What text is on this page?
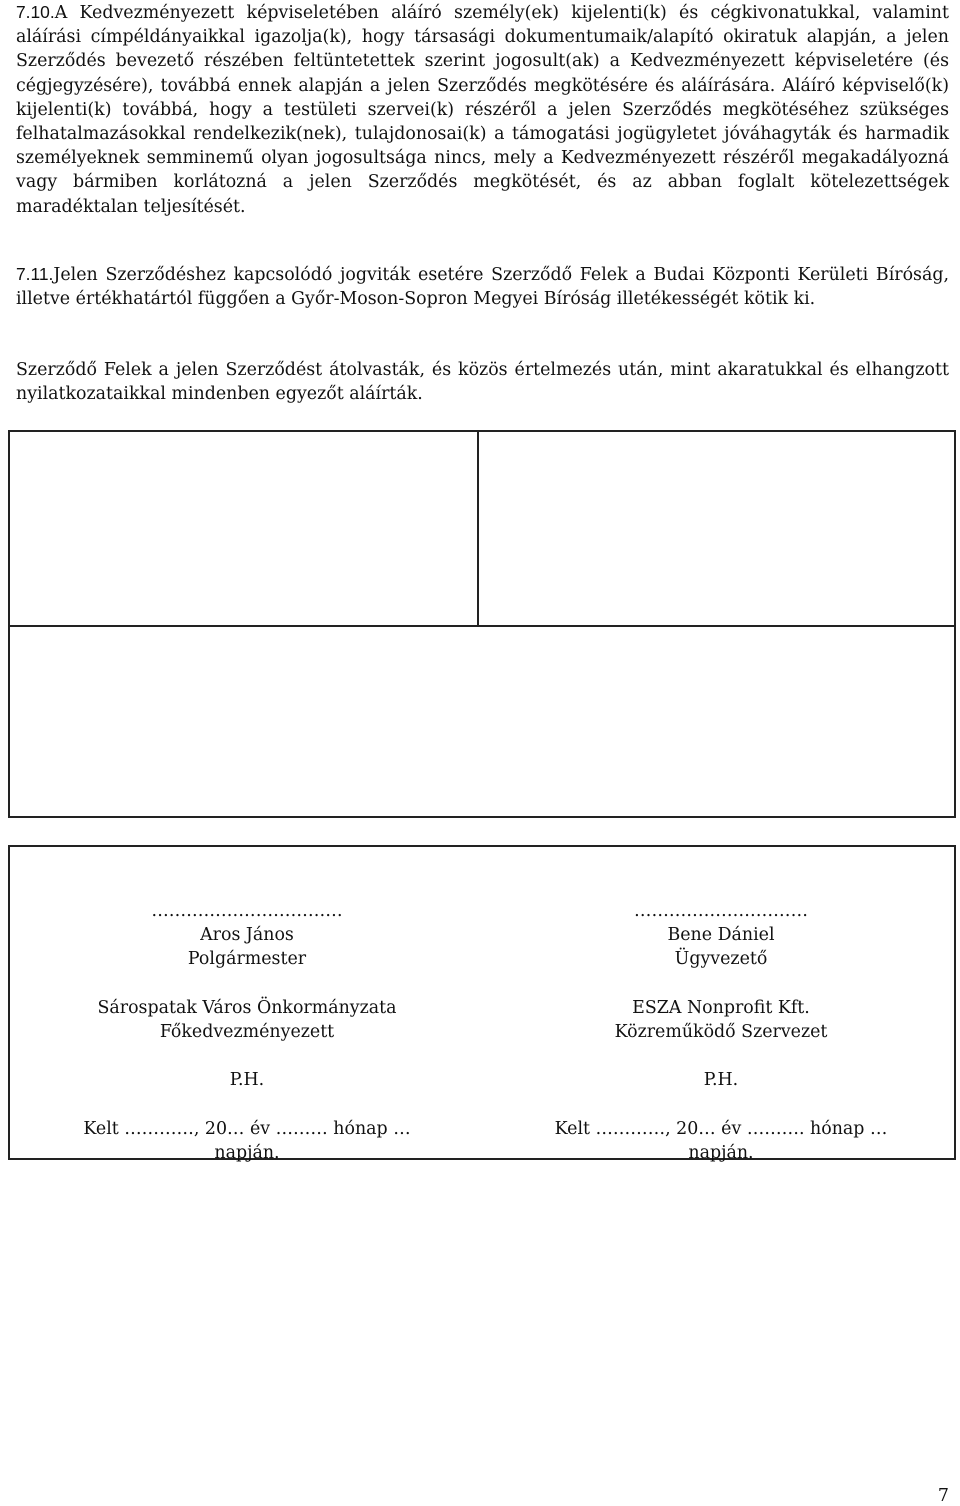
7.10.A Kedvezményezett képviseletében aláíró személy(ek) kijelenti(k) és cégkivonatukkal, valamint aláírási címpéldányaikkal igazolja(k), hogy társasági dokumentumaik/alapító okiratuk alapján, a jelen Szerződés bevezető részében feltüntetettek szerint jogosult(ak) a Kedvezményezett képviseletére (és cégjegyzésére), továbbá ennek alapján a jelen Szerződés megkötésére és aláírására. Aláíró képviselő(k) kijelenti(k) továbbá, hogy a testületi szervei(k) részéről a jelen Szerződés megkötéséhez szükséges felhatalmazásokkal rendelkezik(nek), tulajdonosai(k) a támogatási jogügyletet jóváhagyták és harmadik személyeknek semminemű olyan jogosultsága nincs, mely a Kedvezményezett részéről megakadályozná vagy bármiben korlátozná a jelen Szerződés megkötését, és az abban foglalt kötelezettségek maradéktalan teljesítését.

7.11.Jelen Szerződéshez kapcsolódó jogviták esetére Szerződő Felek a Budai Központi Kerületi Bíróság, illetve értékhatártól függően a Győr-Moson-Sopron Megyei Bíróság illetékességét kötik ki.

Szerződő Felek a jelen Szerződést átolvasták, és közös értelmezés után, mint akaratukkal és elhangzott nyilatkozataikkal mindenben egyezőt aláírták.

……………………………
Aros János
Polgármester
Sárospatak Város Önkormányzata
Főkedvezményezett
P.H.
Kelt …………, 20… év ……… hónap …
napján.
…………………………
Bene Dániel
Ügyvezető
ESZA Nonprofit Kft.
Közreműködő Szervezet
P.H.
Kelt …………, 20… év ………. hónap …
napján.
7
